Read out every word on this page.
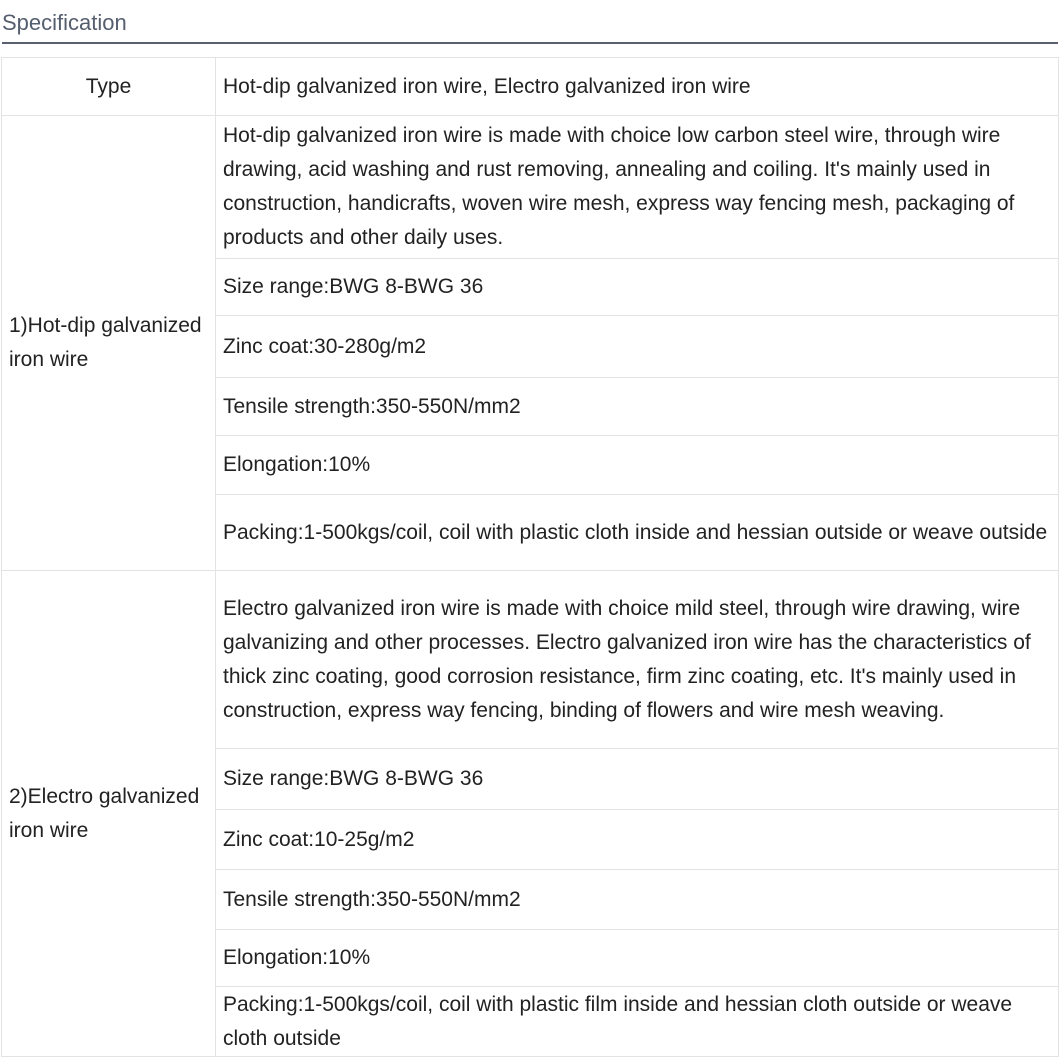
Specification
Type	Hot-dip galvanized iron wire, Electro galvanized iron wire
1)Hot-dip galvanized iron wire	Hot-dip galvanized iron wire is made with choice low carbon steel wire, through wire drawing, acid washing and rust removing, annealing and coiling. It's mainly used in construction, handicrafts, woven wire mesh, express way fencing mesh, packaging of products and other daily uses.
	Size range:BWG 8-BWG 36
	Zinc coat:30-280g/m2
	Tensile strength:350-550N/mm2
	Elongation:10%
	Packing:1-500kgs/coil, coil with plastic cloth inside and hessian outside or weave outside
2)Electro galvanized iron wire	Electro galvanized iron wire is made with choice mild steel, through wire drawing, wire galvanizing and other processes. Electro galvanized iron wire has the characteristics of thick zinc coating, good corrosion resistance, firm zinc coating, etc. It's mainly used in construction, express way fencing, binding of flowers and wire mesh weaving.
	Size range:BWG 8-BWG 36
	Zinc coat:10-25g/m2
	Tensile strength:350-550N/mm2
	Elongation:10%
	Packing:1-500kgs/coil, coil with plastic film inside and hessian cloth outside or weave cloth outside
